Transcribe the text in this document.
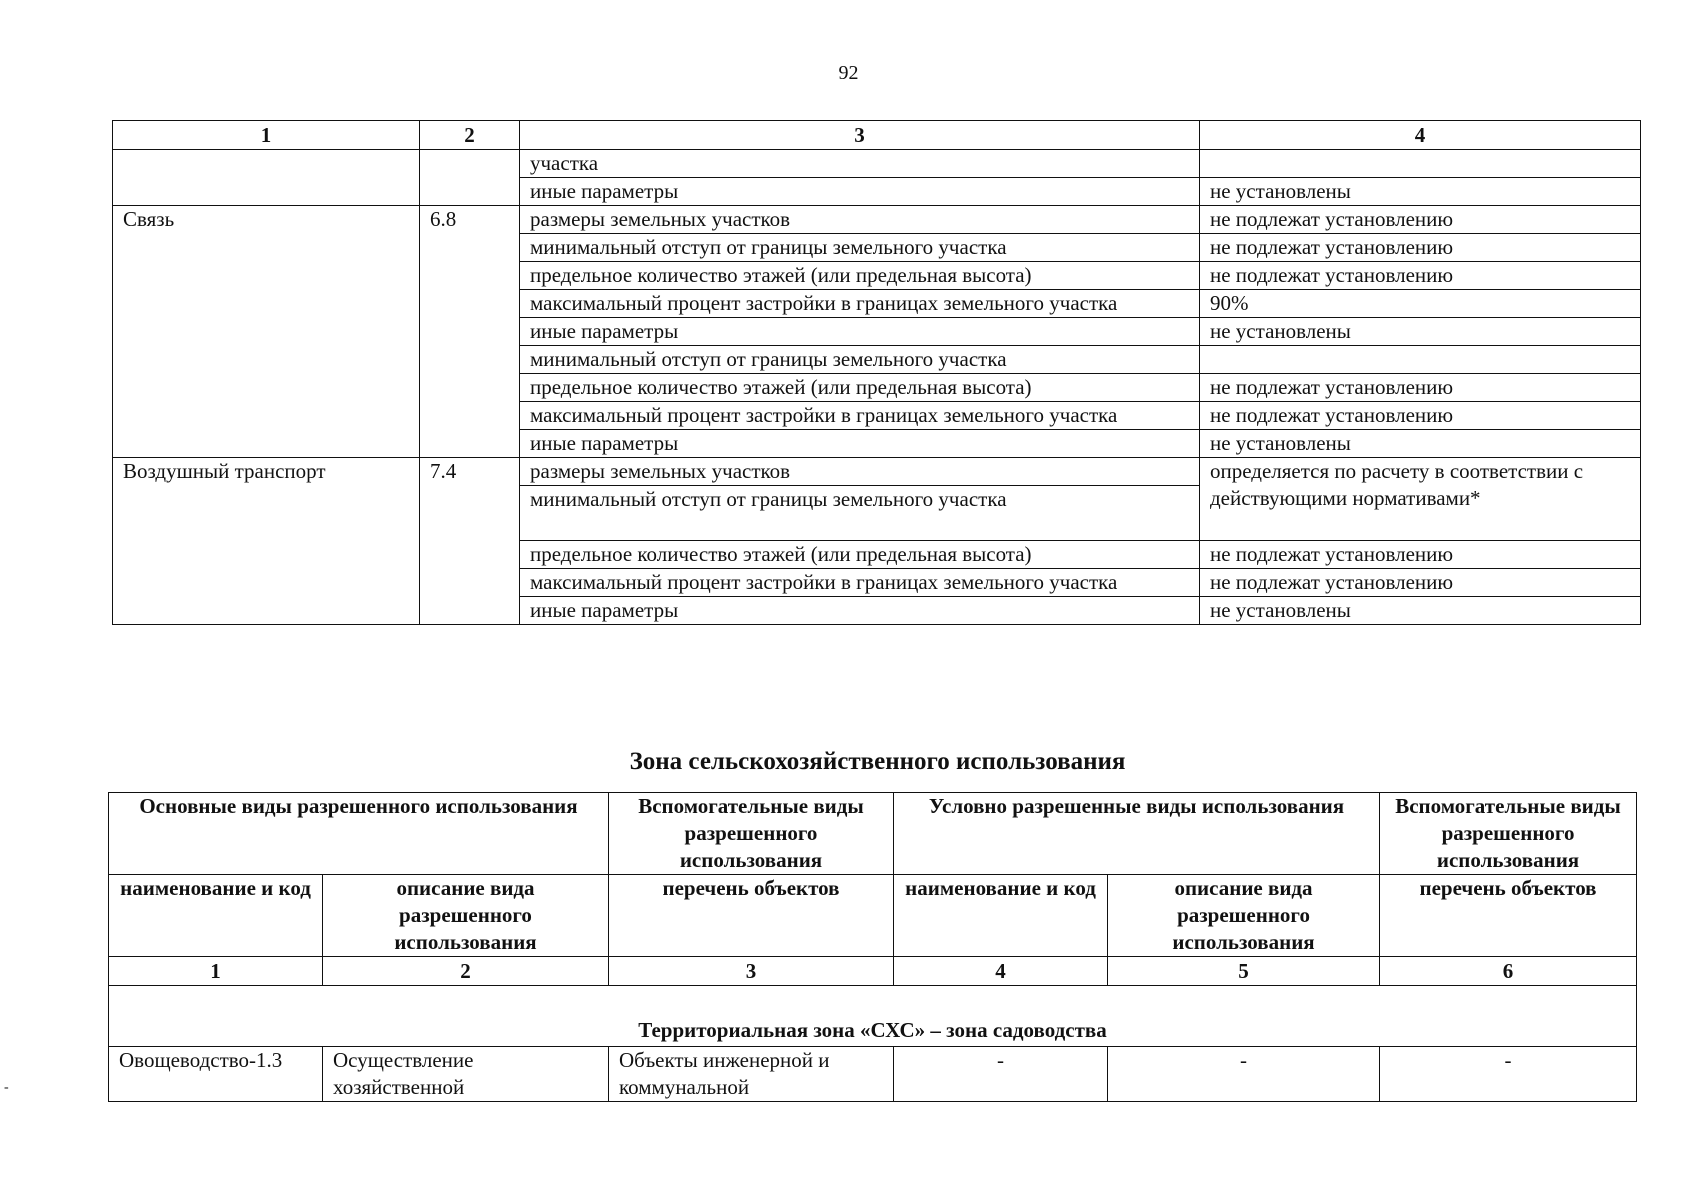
92
1	2	3	4
		участка	
		иные параметры	не установлены
Связь	6.8	размеры земельных участков	не подлежат установлению
		минимальный отступ от границы земельного участка	не подлежат установлению
		предельное количество этажей (или предельная высота)	не подлежат установлению
		максимальный процент застройки в границах земельного участка	90%
		иные параметры	не установлены
		минимальный отступ от границы земельного участка	
		предельное количество этажей (или предельная высота)	не подлежат установлению
		максимальный процент застройки в границах земельного участка	не подлежат установлению
		иные параметры	не установлены
Воздушный транспорт	7.4	размеры земельных участков	определяется по расчету в соответствии с действующими нормативами*
		минимальный отступ от границы земельного участка	
		предельное количество этажей (или предельная высота)	не подлежат установлению
		максимальный процент застройки в границах земельного участка	не подлежат установлению
		иные параметры	не установлены
Зона сельскохозяйственного использования
Основные виды разрешенного использования		Вспомогательные виды разрешенного использования	Условно разрешенные виды использования		Вспомогательные виды разрешенного использования
наименование и код	описание вида разрешенного использования	перечень объектов	наименование и код	описание вида разрешенного использования	перечень объектов
1	2	3	4	5	6
Территориальная зона «СХС» – зона садоводства					
Овощеводство-1.3	Осуществление хозяйственной	Объекты инженерной и коммунальной	-	-	-
-
